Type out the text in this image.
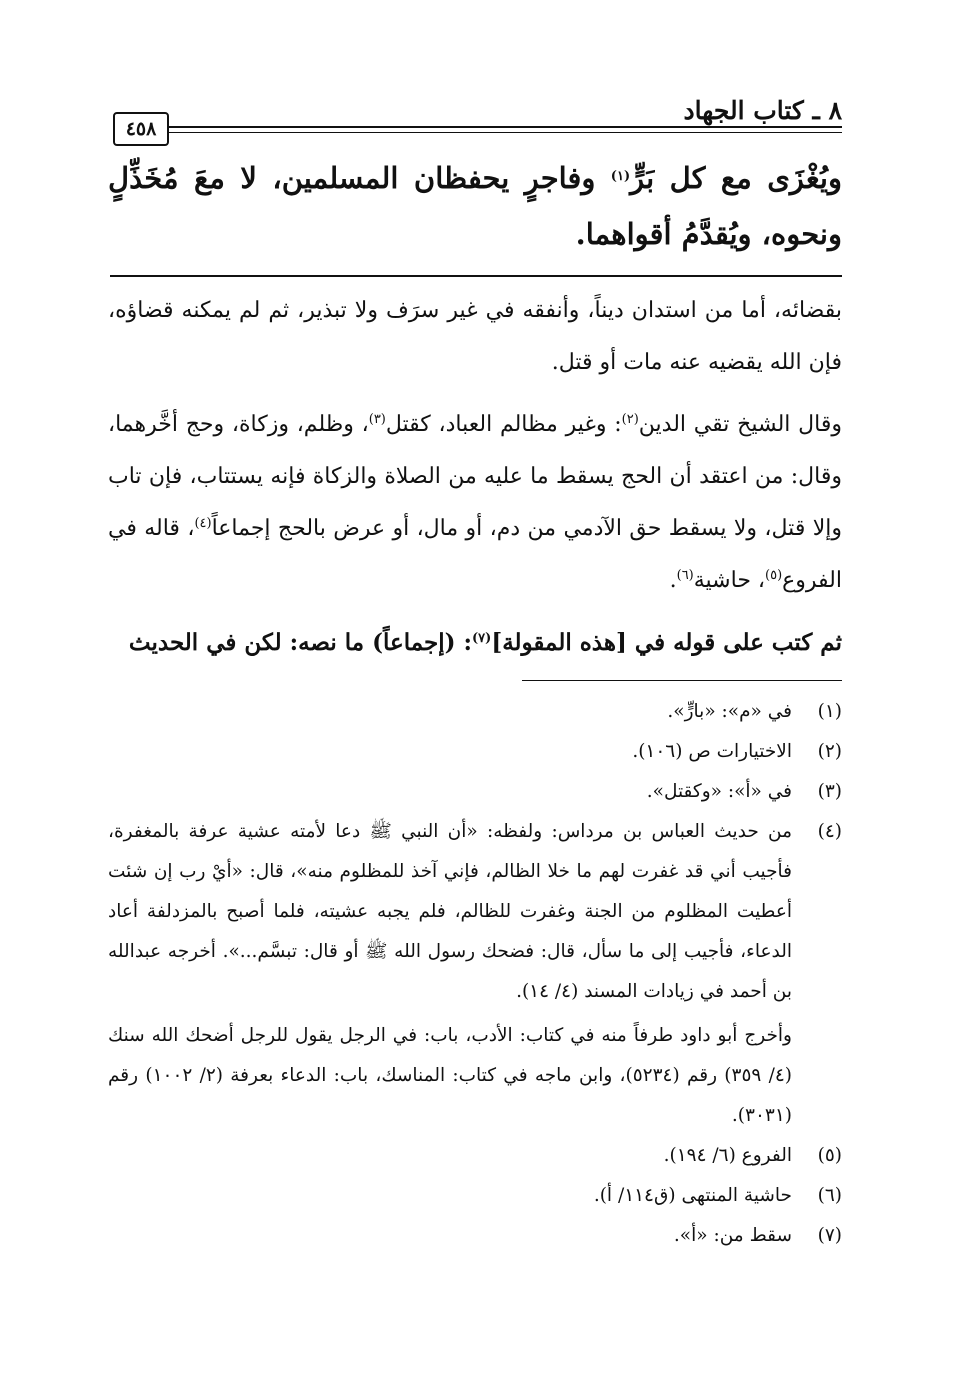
٨ ـ كتاب الجهاد
٤٥٨
ويُغْزَى مع كل بَرٍّ$^{(١)}$ وفاجرٍ يحفظان المسلمين، لا معَ مُخَذِّلٍ ونحوه، ويُقدَّمُ أقواهما.

بقضائه، أما من استدان ديناً، وأنفقه في غير سرَف ولا تبذير، ثم لم يمكنه قضاؤه، فإن الله يقضيه عنه مات أو قتل.

وقال الشيخ تقي الدين$^{(٢)}$: وغير مظالم العباد، كقتل$^{(٣)}$، وظلم، وزكاة، وحج أخَّرهما، وقال: من اعتقد أن الحج يسقط ما عليه من الصلاة والزكاة فإنه يستتاب، فإن تاب وإلا قتل، ولا يسقط حق الآدمي من دم، أو مال، أو عرض بالحج إجماعاً$^{(٤)}$، قاله في الفروع$^{(٥)}$، حاشية$^{(٦)}$.

ثم كتب على قوله في [هذه المقولة]$^{(٧)}$: (إجماعاً) ما نصه: لكن في الحديث

(١)
في «م»: «بارٍّ».
(٢)
الاختيارات ص (١٠٦).
(٣)
في «أ»: «وكقتل».
(٤)
من حديث العباس بن مرداس: ولفظه: «أن النبي ﷺ دعا لأمته عشية عرفة بالمغفرة، فأجيب أني قد غفرت لهم ما خلا الظالم، فإني آخذ للمظلوم منه»، قال: «أيْ رب إن شئت أعطيت المظلوم من الجنة وغفرت للظالم، فلم يجبه عشيته، فلما أصبح بالمزدلفة أعاد الدعاء، فأجيب إلى ما سأل، قال: فضحك رسول الله ﷺ أو قال: تبسَّم...». أخرجه عبدالله بن أحمد في زيادات المسند (٤/ ١٤).

وأخرج أبو داود طرفاً منه في كتاب: الأدب، باب: في الرجل يقول للرجل أضحك الله سنك (٤/ ٣٥٩) رقم (٥٢٣٤)، وابن ماجه في كتاب: المناسك، باب: الدعاء بعرفة (٢/ ١٠٠٢) رقم (٣٠٣١).

(٥)
الفروع (٦/ ١٩٤).
(٦)
حاشية المنتهى (ق١١٤/ أ).
(٧)
سقط من: «أ».
